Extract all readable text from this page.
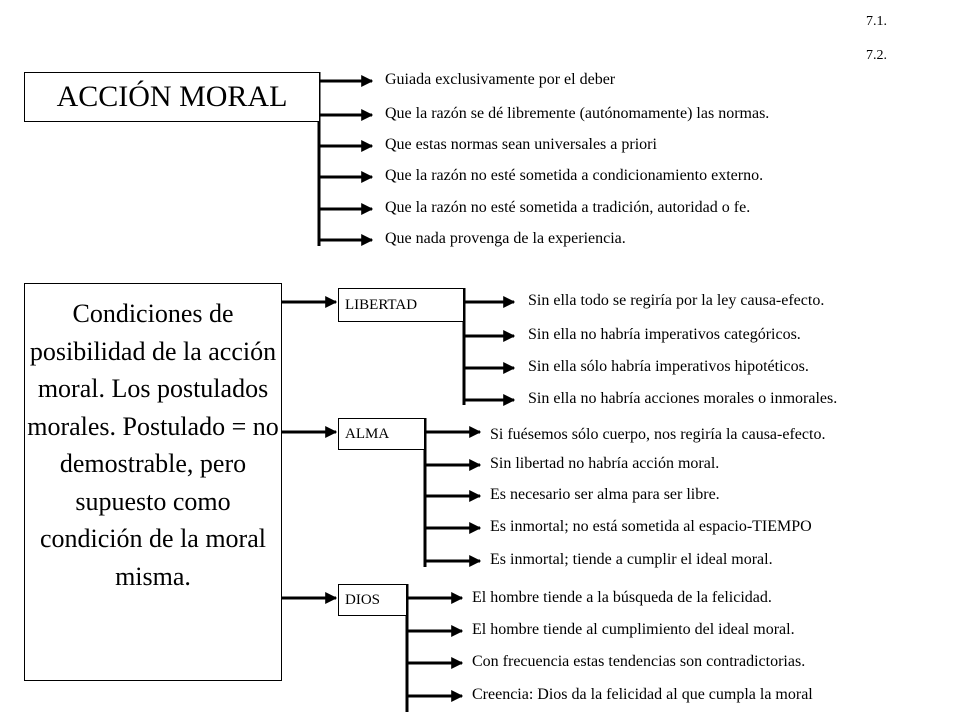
7.1.
7.2.
ACCIÓN MORAL
Guiada exclusivamente por el deber
Que la razón se dé libremente (autónomamente) las normas.
Que estas normas sean universales a priori
Que la razón no esté sometida a condicionamiento externo.
Que la razón no esté sometida a tradición, autoridad o fe.
Que nada provenga de la experiencia.
Condiciones de posibilidad de la acción moral. Los postulados morales. Postulado = no demostrable, pero supuesto como condición de la moral misma.
LIBERTAD	Sin ella todo se regiría por la ley causa-efecto.
Sin ella no habría imperativos categóricos.
Sin ella sólo habría imperativos hipotéticos.
Sin ella no habría acciones morales o inmorales.
ALMA	Si fuésemos sólo cuerpo, nos regiría la causa-efecto.
Sin libertad no habría acción moral.
Es necesario ser alma para ser libre.
Es inmortal; no está sometida al espacio-TIEMPO
Es inmortal; tiende a cumplir el ideal moral.
DIOS	El hombre tiende a la búsqueda de la felicidad.
El hombre tiende al cumplimiento del ideal moral.
Con frecuencia estas tendencias son contradictorias.
Creencia: Dios da la felicidad al que cumpla la moral
